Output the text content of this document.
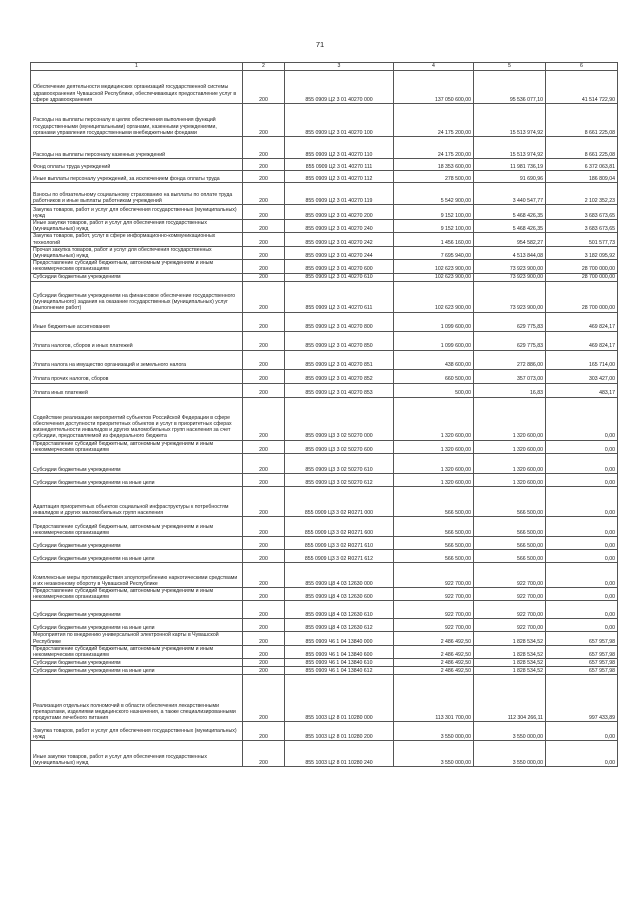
71
1	2	3	4	5	6
Обеспечение деятельности медицинских организаций государственной системы здравоохранения Чувашской Республики, обеспечивающих предоставление услуг в сфере здравоохранения	200	855 0909 Ц2 3 01 40270 000	137 050 600,00	95 536 077,10	41 514 722,90
Расходы на выплаты персоналу в целях обеспечения выполнения функций государственными (муниципальными) органами, казенными учреждениями, органами управления государственными внебюджетными фондами	200	855 0909 Ц2 3 01 40270 100	24 175 200,00	15 513 974,92	8 661 225,08
Расходы на выплаты персоналу казенных учреждений	200	855 0909 Ц2 3 01 40270 110	24 175 200,00	15 513 974,92	8 661 225,08
Фонд оплаты труда учреждений	200	855 0909 Ц2 3 01 40270 111	18 353 600,00	11 981 736,19	6 372 063,81
Иные выплаты персоналу учреждений, за исключением фонда оплаты труда	200	855 0909 Ц2 3 01 40270 112	278 500,00	91 690,96	186 809,04
Взносы по обязательному социальному страхованию на выплаты по оплате труда работников и иные выплаты работникам учреждений	200	855 0909 Ц2 3 01 40270 119	5 542 900,00	3 440 547,77	2 102 352,23
Закупка товаров, работ и услуг для обеспечения государственных (муниципальных) нужд	200	855 0909 Ц2 3 01 40270 200	9 152 100,00	5 468 426,35	3 683 673,65
Иные закупки товаров, работ и услуг для обеспечения государственных (муниципальных) нужд	200	855 0909 Ц2 3 01 40270 240	9 152 100,00	5 468 426,35	3 683 673,65
Закупка товаров, работ, услуг в сфере информационно-коммуникационных технологий	200	855 0909 Ц2 3 01 40270 242	1 456 160,00	954 582,27	501 577,73
Прочая закупка товаров, работ и услуг для обеспечения государственных (муниципальных) нужд	200	855 0909 Ц2 3 01 40270 244	7 695 940,00	4 513 844,08	3 182 095,92
Предоставление субсидий бюджетным, автономным учреждениям и иным некоммерческим организациям	200	855 0909 Ц2 3 01 40270 600	102 623 900,00	73 923 900,00	28 700 000,00
Субсидии бюджетным учреждениям	200	855 0909 Ц2 3 01 40270 610	102 623 900,00	73 923 900,00	28 700 000,00
Субсидии бюджетным учреждениям на финансовое обеспечение государственного (муниципального) задания на оказание государственных (муниципальных) услуг (выполнение работ)	200	855 0909 Ц2 3 01 40270 611	102 623 900,00	73 923 900,00	28 700 000,00
Иные бюджетные ассигнования	200	855 0909 Ц2 3 01 40270 800	1 099 600,00	629 775,83	469 824,17
Уплата налогов, сборов и иных платежей	200	855 0909 Ц2 3 01 40270 850	1 099 600,00	629 775,83	469 824,17
Уплата налога на имущество организаций и земельного налога	200	855 0909 Ц2 3 01 40270 851	438 600,00	272 886,00	165 714,00
Уплата прочих налогов, сборов	200	855 0909 Ц2 3 01 40270 852	660 500,00	357 073,00	303 427,00
Уплата иных платежей	200	855 0909 Ц2 3 01 40270 853	500,00	16,83	483,17
Содействие реализации мероприятий субъектов Российской Федерации в сфере обеспечения доступности приоритетных объектов и услуг в приоритетных сферах жизнедеятельности инвалидов и других маломобильных групп населения за счет субсидии, предоставляемой из федерального бюджета	200	855 0909 Ц3 3 02 50270 000	1 320 600,00	1 320 600,00	0,00
Предоставление субсидий бюджетным, автономным учреждениям и иным некоммерческим организациям	200	855 0909 Ц3 3 02 50270 600	1 320 600,00	1 320 600,00	0,00
Субсидии бюджетным учреждениям	200	855 0909 Ц3 3 02 50270 610	1 320 600,00	1 320 600,00	0,00
Субсидии бюджетным учреждениям на иные цели	200	855 0909 Ц3 3 02 50270 612	1 320 600,00	1 320 600,00	0,00
Адаптация приоритетных объектов социальной инфраструктуры к потребностям инвалидов и других маломобильных групп населения	200	855 0909 Ц3 3 02 R0271 000	566 500,00	566 500,00	0,00
Предоставление субсидий бюджетным, автономным учреждениям и иным некоммерческим организациям	200	855 0909 Ц3 3 02 R0271 600	566 500,00	566 500,00	0,00
Субсидии бюджетным учреждениям	200	855 0909 Ц3 3 02 R0271 610	566 500,00	566 500,00	0,00
Субсидии бюджетным учреждениям на иные цели	200	855 0909 Ц3 3 02 R0271 612	566 500,00	566 500,00	0,00
Комплексные меры противодействия злоупотреблению наркотическими средствами и их незаконному обороту в Чувашской Республике	200	855 0909 Ц8 4 03 12630 000	922 700,00	922 700,00	0,00
Предоставление субсидий бюджетным, автономным учреждениям и иным некоммерческим организациям	200	855 0909 Ц8 4 03 12630 600	922 700,00	922 700,00	0,00
Субсидии бюджетным учреждениям	200	855 0909 Ц8 4 03 12630 610	922 700,00	922 700,00	0,00
Субсидии бюджетным учреждениям на иные цели	200	855 0909 Ц8 4 03 12630 612	922 700,00	922 700,00	0,00
Мероприятия по внедрению универсальной электронной карты в Чувашской Республике	200	855 0909 Ч6 1 04 13840 000	2 486 492,50	1 828 534,52	657 957,98
Предоставление субсидий бюджетным, автономным учреждениям и иным некоммерческим организациям	200	855 0909 Ч6 1 04 13840 600	2 486 492,50	1 828 534,52	657 957,98
Субсидии бюджетным учреждениям	200	855 0909 Ч6 1 04 13840 610	2 486 492,50	1 828 534,52	657 957,98
Субсидии бюджетным учреждениям на иные цели	200	855 0909 Ч6 1 04 13840 612	2 486 492,50	1 828 534,52	657 957,98
Реализация отдельных полномочий в области обеспечения лекарственными препаратами, изделиями медицинского назначения, а также специализированными продуктами лечебного питания	200	855 1003 Ц2 8 01 10280 000	113 301 700,00	112 304 266,11	997 433,89
Закупка товаров, работ и услуг для обеспечения государственных (муниципальных) нужд	200	855 1003 Ц2 8 01 10280 200	3 550 000,00	3 550 000,00	0,00
Иные закупки товаров, работ и услуг для обеспечения государственных (муниципальных) нужд	200	855 1003 Ц2 8 01 10280 240	3 550 000,00	3 550 000,00	0,00
